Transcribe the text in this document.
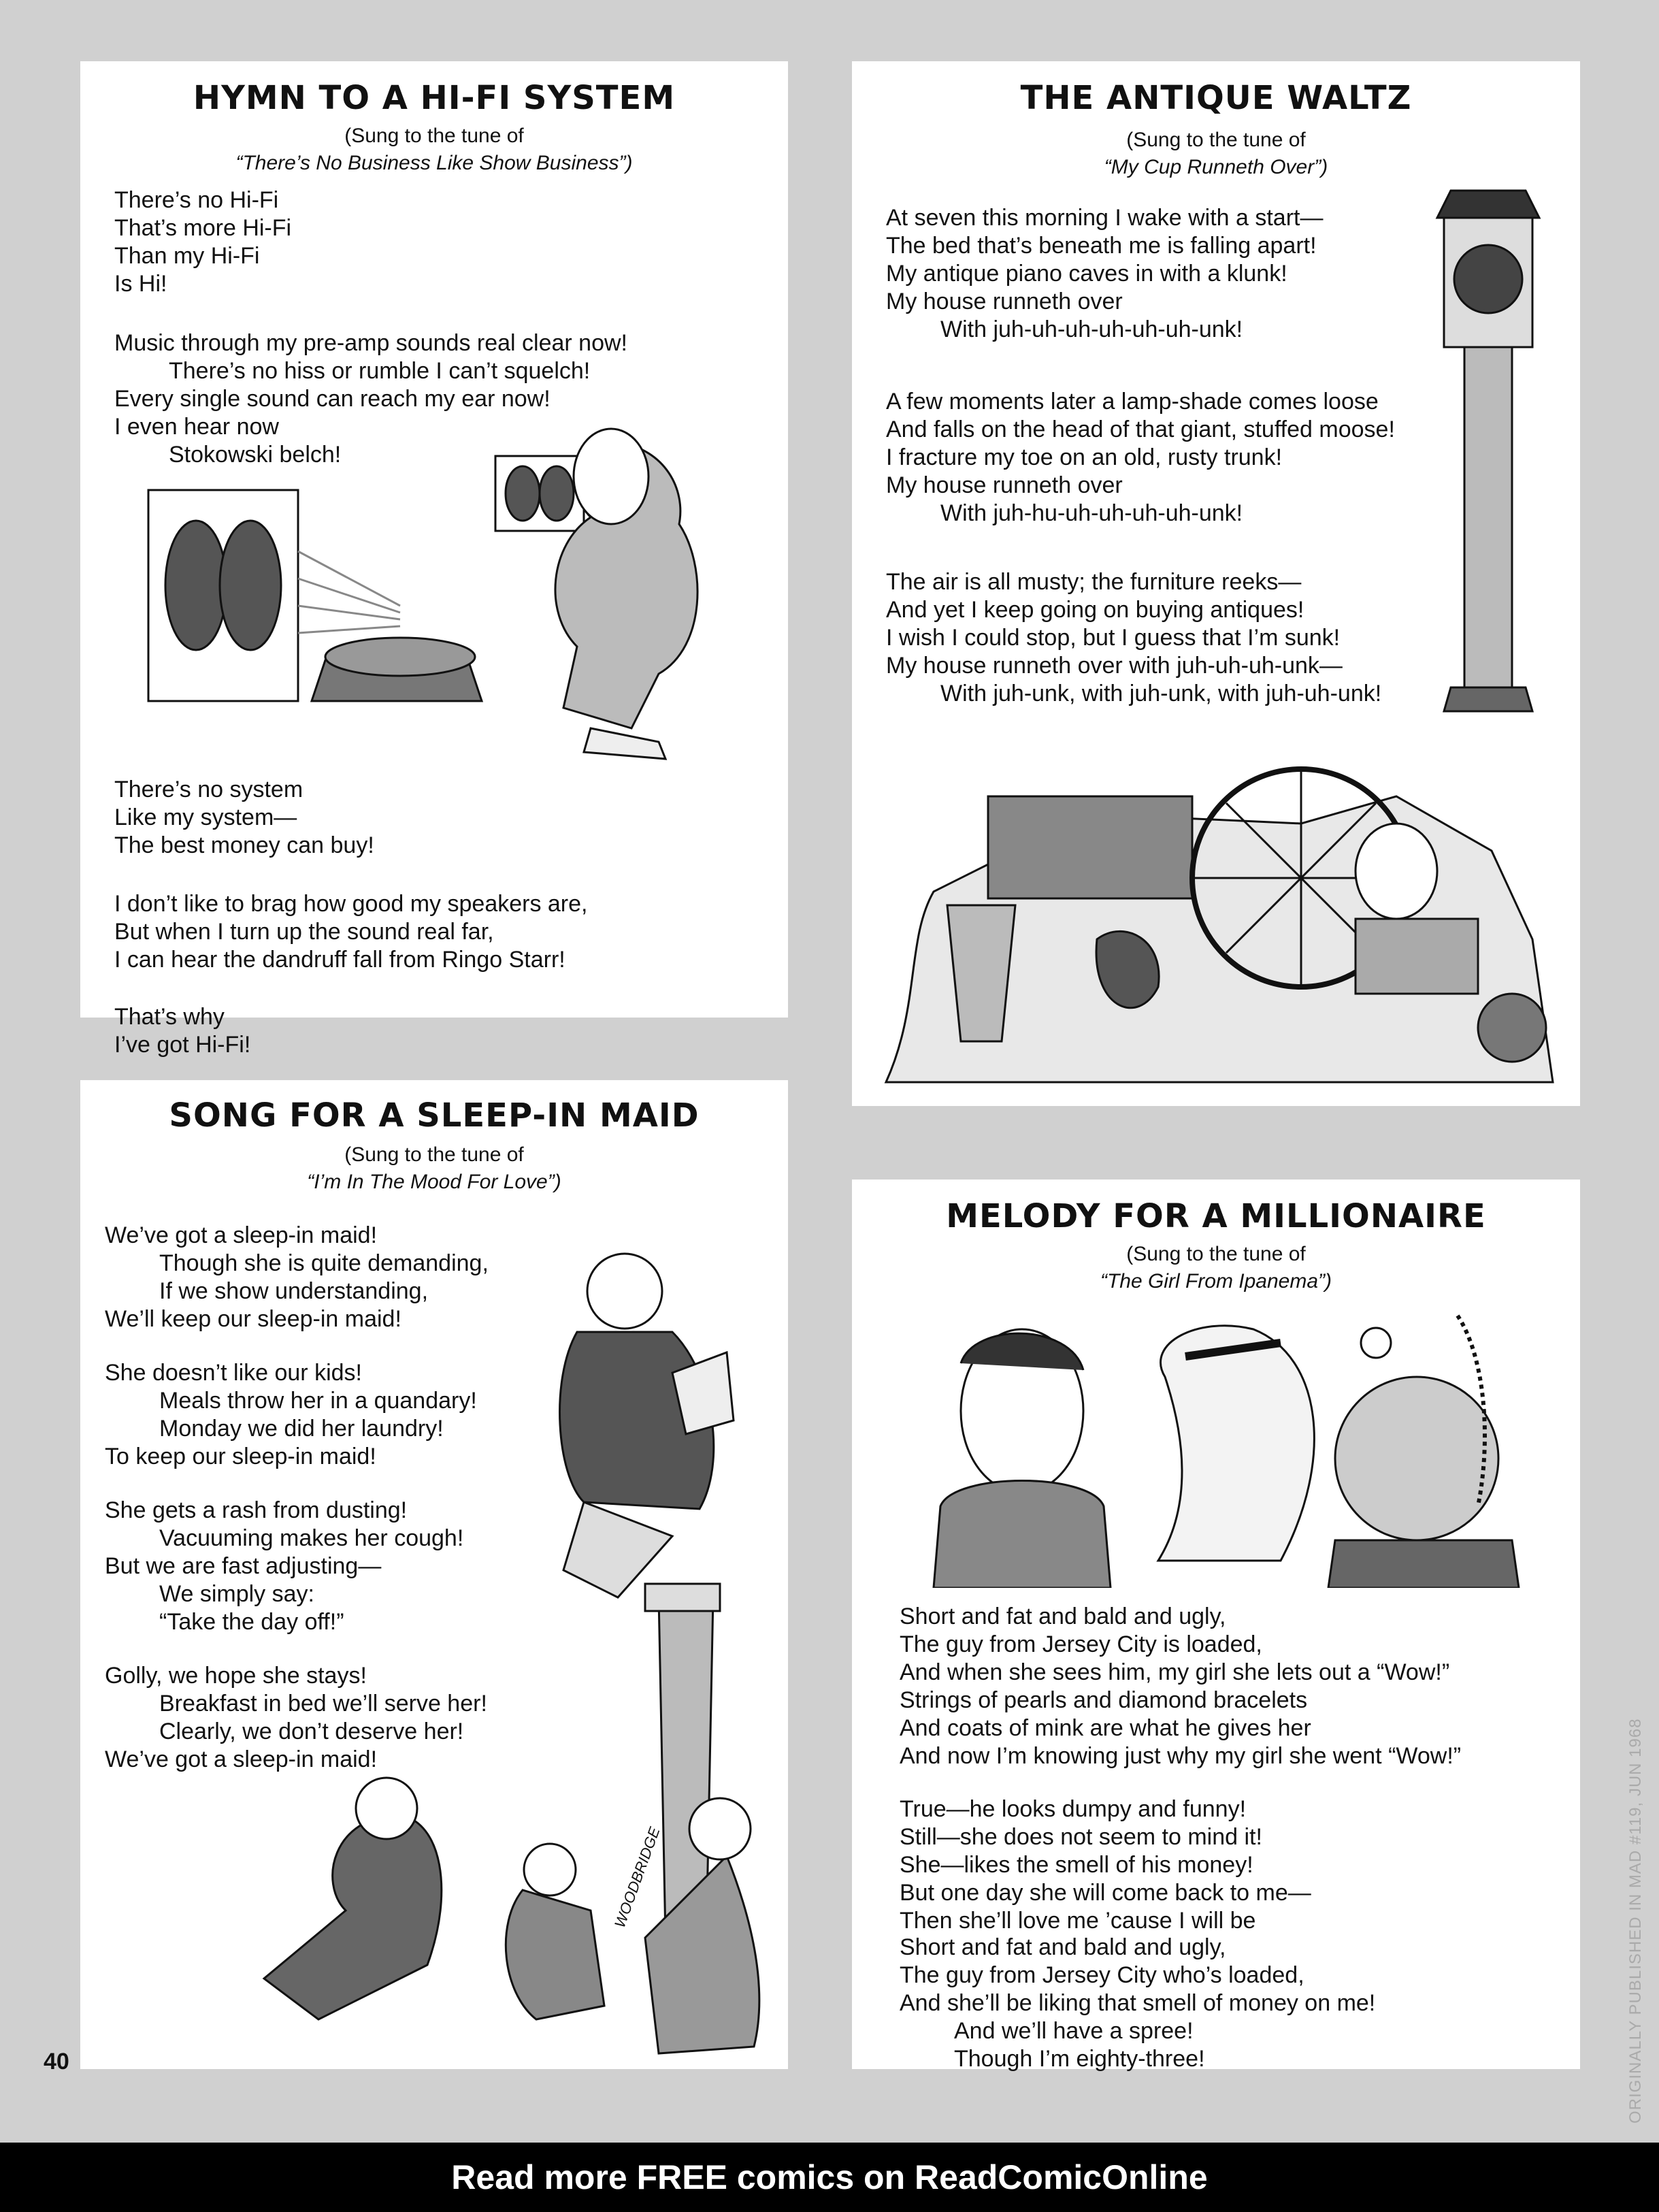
HYMN TO A HI-FI SYSTEM
(Sung to the tune of
“There’s No Business Like Show Business”)
There’s no Hi-Fi
That’s more Hi-Fi
Than my Hi-Fi
Is Hi!
Music through my pre-amp sounds real clear now!
There’s no hiss or rumble I can’t squelch!
Every single sound can reach my ear now!
I even hear now
Stokowski belch!
There’s no system
Like my system—
The best money can buy!
I don’t like to brag how good my speakers are,
But when I turn up the sound real far,
I can hear the dandruff fall from Ringo Starr!
That’s why
I’ve got Hi-Fi!
THE ANTIQUE WALTZ
(Sung to the tune of
“My Cup Runneth Over”)
At seven this morning I wake with a start—
The bed that’s beneath me is falling apart!
My antique piano caves in with a klunk!
My house runneth over
With juh-uh-uh-uh-uh-uh-unk!
A few moments later a lamp-shade comes loose
And falls on the head of that giant, stuffed moose!
I fracture my toe on an old, rusty trunk!
My house runneth over
With juh-hu-uh-uh-uh-uh-unk!
The air is all musty; the furniture reeks—
And yet I keep going on buying antiques!
I wish I could stop, but I guess that I’m sunk!
My house runneth over with juh-uh-uh-unk—
With juh-unk, with juh-unk, with juh-uh-unk!
SONG FOR A SLEEP-IN MAID
(Sung to the tune of
“I’m In The Mood For Love”)
We’ve got a sleep-in maid!
Though she is quite demanding,
If we show understanding,
We’ll keep our sleep-in maid!
She doesn’t like our kids!
Meals throw her in a quandary!
Monday we did her laundry!
To keep our sleep-in maid!
She gets a rash from dusting!
Vacuuming makes her cough!
But we are fast adjusting—
We simply say:
“Take the day off!”
Golly, we hope she stays!
Breakfast in bed we’ll serve her!
Clearly, we don’t deserve her!
We’ve got a sleep-in maid!
WOODBRIDGE
MELODY FOR A MILLIONAIRE
(Sung to the tune of
“The Girl From Ipanema”)
Short and fat and bald and ugly,
The guy from Jersey City is loaded,
And when she sees him, my girl she lets out a “Wow!”
Strings of pearls and diamond bracelets
And coats of mink are what he gives her
And now I’m knowing just why my girl she went “Wow!”
True—he looks dumpy and funny!
Still—she does not seem to mind it!
She—likes the smell of his money!
But one day she will come back to me—
Then she’ll love me ’cause I will be
Short and fat and bald and ugly,
The guy from Jersey City who’s loaded,
And she’ll be liking that smell of money on me!
And we’ll have a spree!
Though I’m eighty-three!
40	ORIGINALLY PUBLISHED IN MAD #119, JUN 1968
Read more FREE comics on ReadComicOnline
